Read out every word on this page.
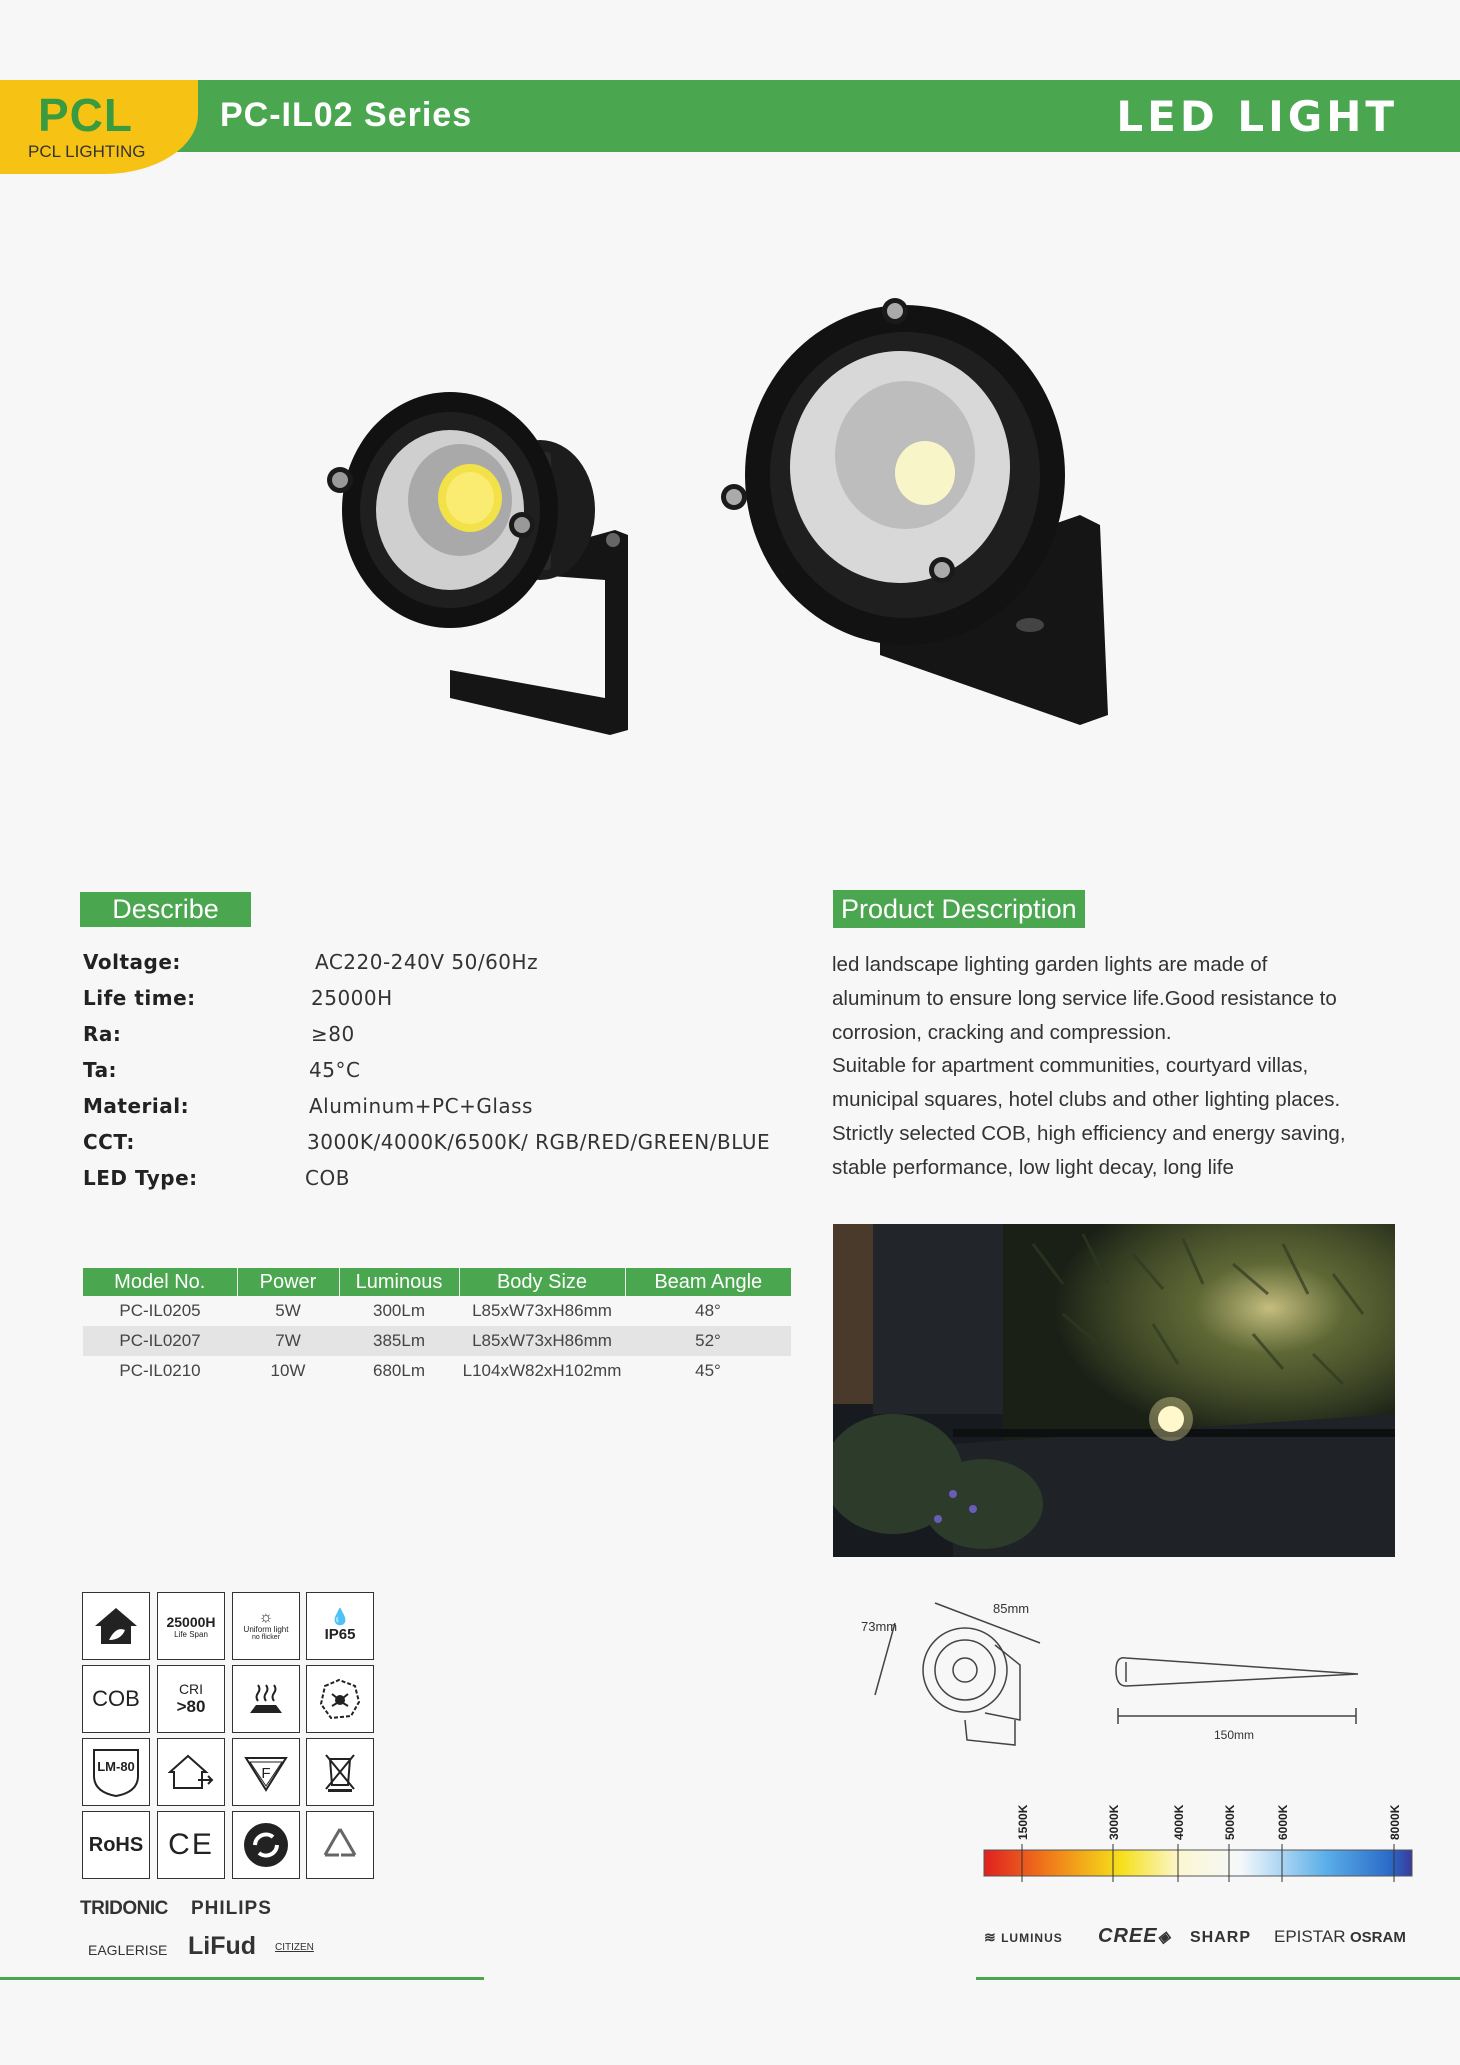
PCL
PCL LIGHTING
PC-IL02 Series	LED LIGHT
Describe
Voltage:	AC220-240V 50/60Hz
Life time:	25000H
Ra:	≥80
Ta:	45°C
Material:	Aluminum+PC+Glass
CCT:	3000K/4000K/6500K/ RGB/RED/GREEN/BLUE
LED Type:	COB
Product Description
led landscape lighting garden lights are made of
aluminum to ensure long service life.Good resistance to
corrosion, cracking and compression.
Suitable for apartment communities, courtyard villas,
municipal squares, hotel clubs and other lighting places.
Strictly selected COB, high efficiency and energy saving,
stable performance, low light decay, long life
Model No.	Power	Luminous	Body Size	Beam Angle
PC-IL0205	5W	300Lm	L85xW73xH86mm	48°
PC-IL0207	7W	385Lm	L85xW73xH86mm	52°
PC-IL0210	10W	680Lm	L104xW82xH102mm	45°
25000H
Life Span
☼
Uniform light
no flicker
💧
IP65
COB	CRI
>80
LM-80	F
RoHS CE
TRIDONIC PHILIPS
EAGLERISE LiFud CITIZEN
73mm
85mm
150mm
1500K	3000K	4000K	5000K	6000K	8000K
≋ LUMINUS CREE◈ SHARP EPISTAR OSRAM
